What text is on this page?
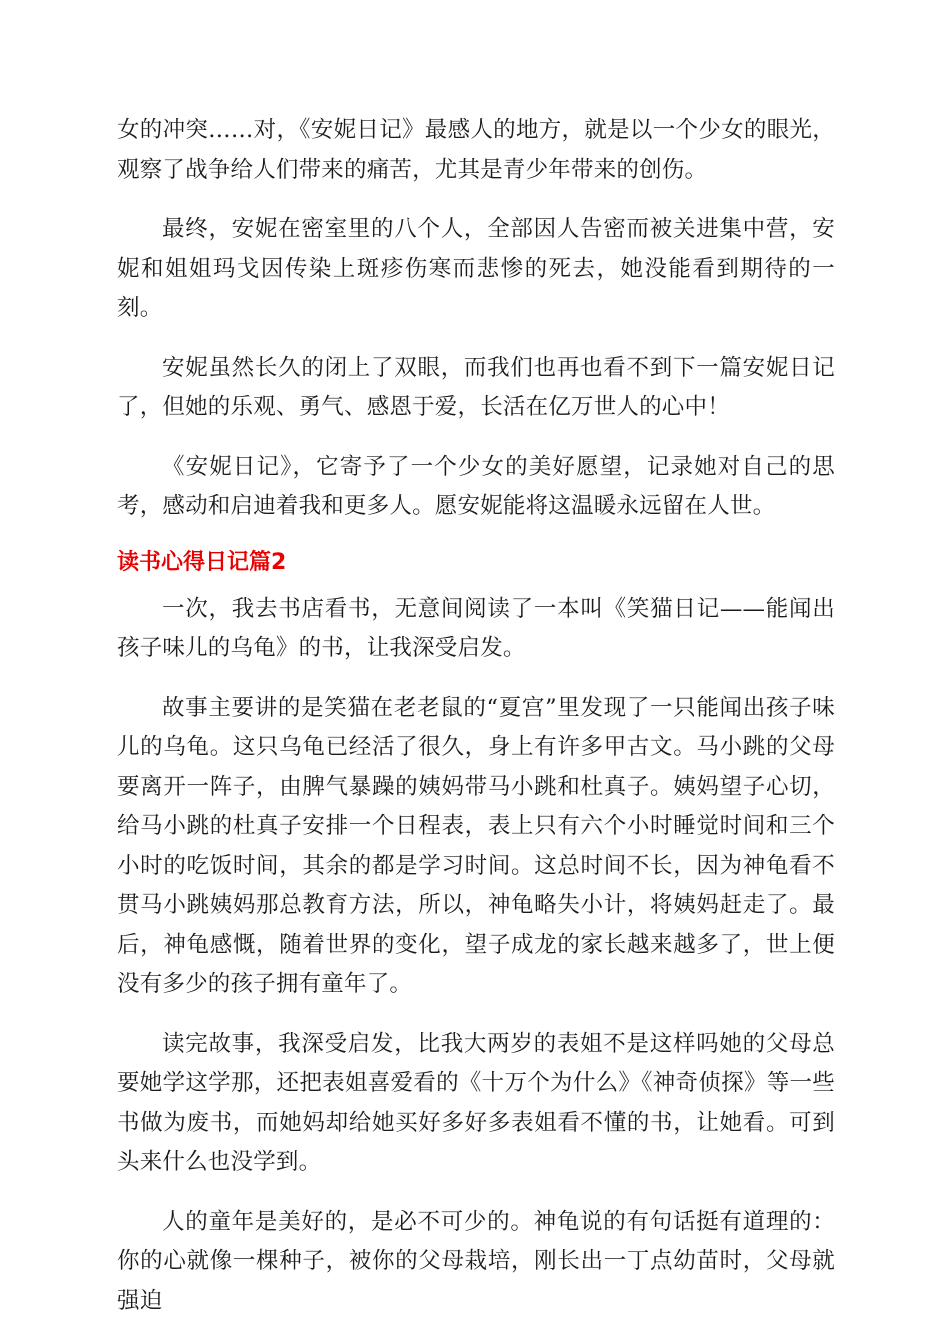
女的冲突……对，《安妮日记》最感人的地方，就是以一个少女的眼光，观察了战争给人们带来的痛苦，尤其是青少年带来的创伤。

最终，安妮在密室里的八个人，全部因人告密而被关进集中营，安妮和姐姐玛戈因传染上斑疹伤寒而悲惨的死去，她没能看到期待的一刻。

安妮虽然长久的闭上了双眼，而我们也再也看不到下一篇安妮日记了，但她的乐观、勇气、感恩于爱，长活在亿万世人的心中！

《安妮日记》，它寄予了一个少女的美好愿望，记录她对自己的思考，感动和启迪着我和更多人。愿安妮能将这温暖永远留在人世。

读书心得日记篇2

一次，我去书店看书，无意间阅读了一本叫《笑猫日记——能闻出孩子味儿的乌龟》的书，让我深受启发。

故事主要讲的是笑猫在老老鼠的“夏宫”里发现了一只能闻出孩子味儿的乌龟。这只乌龟已经活了很久，身上有许多甲古文。马小跳的父母要离开一阵子，由脾气暴躁的姨妈带马小跳和杜真子。姨妈望子心切，给马小跳的杜真子安排一个日程表，表上只有六个小时睡觉时间和三个小时的吃饭时间，其余的都是学习时间。这总时间不长，因为神龟看不贯马小跳姨妈那总教育方法，所以，神龟略失小计，将姨妈赶走了。最后，神龟感慨，随着世界的变化，望子成龙的家长越来越多了，世上便没有多少的孩子拥有童年了。

读完故事，我深受启发，比我大两岁的表姐不是这样吗她的父母总要她学这学那，还把表姐喜爱看的《十万个为什么》《神奇侦探》等一些书做为废书，而她妈却给她买好多好多表姐看不懂的书，让她看。可到头来什么也没学到。

人的童年是美好的，是必不可少的。神龟说的有句话挺有道理的：你的心就像一棵种子，被你的父母栽培，刚长出一丁点幼苗时，父母就强迫
